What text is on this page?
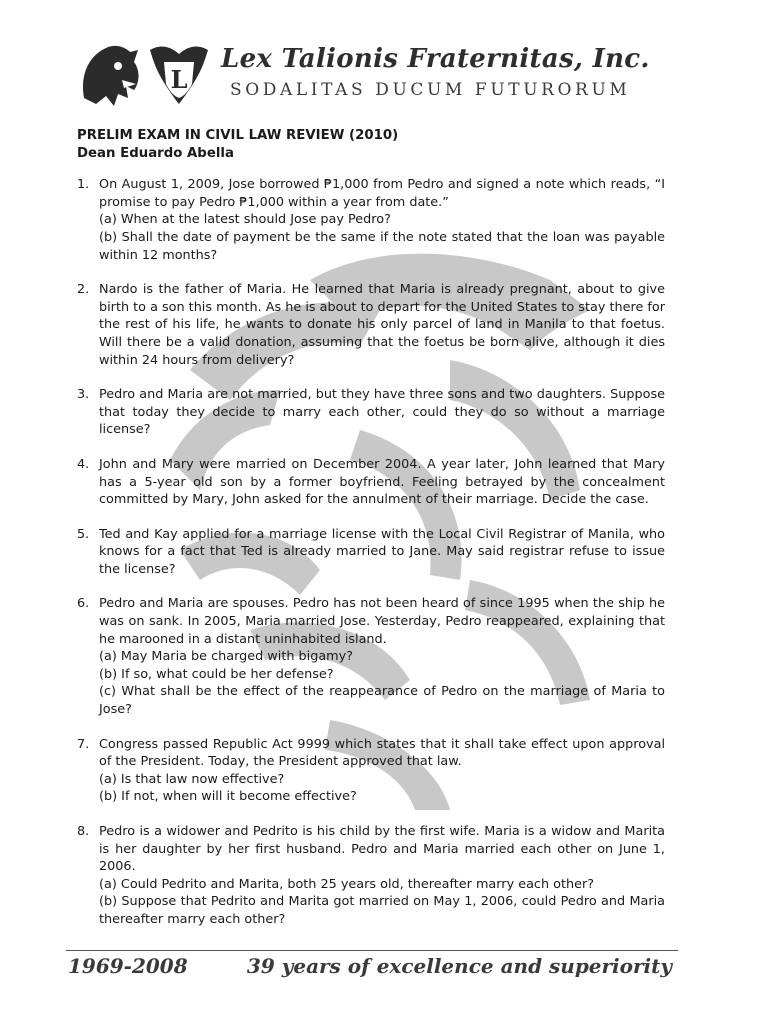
L
Lex Talionis Fraternitas, Inc.
SODALITAS DUCUM FUTURORUM
PRELIM EXAM IN CIVIL LAW REVIEW (2010)
Dean Eduardo Abella
1. On August 1, 2009, Jose borrowed ₱1,000 from Pedro and signed a note which reads, “I promise to pay Pedro ₱1,000 within a year from date.”
(a) When at the latest should Jose pay Pedro?
(b) Shall the date of payment be the same if the note stated that the loan was payable within 12 months?
2. Nardo is the father of Maria. He learned that Maria is already pregnant, about to give birth to a son this month. As he is about to depart for the United States to stay there for the rest of his life, he wants to donate his only parcel of land in Manila to that foetus. Will there be a valid donation, assuming that the foetus be born alive, although it dies within 24 hours from delivery?
3. Pedro and Maria are not married, but they have three sons and two daughters. Suppose that today they decide to marry each other, could they do so without a marriage license?
4. John and Mary were married on December 2004. A year later, John learned that Mary has a 5-year old son by a former boyfriend. Feeling betrayed by the concealment committed by Mary, John asked for the annulment of their marriage. Decide the case.
5. Ted and Kay applied for a marriage license with the Local Civil Registrar of Manila, who knows for a fact that Ted is already married to Jane. May said registrar refuse to issue the license?
6. Pedro and Maria are spouses. Pedro has not been heard of since 1995 when the ship he was on sank. In 2005, Maria married Jose. Yesterday, Pedro reappeared, explaining that he marooned in a distant uninhabited island.
(a) May Maria be charged with bigamy?
(b) If so, what could be her defense?
(c) What shall be the effect of the reappearance of Pedro on the marriage of Maria to Jose?
7. Congress passed Republic Act 9999 which states that it shall take effect upon approval of the President. Today, the President approved that law.
(a) Is that law now effective?
(b) If not, when will it become effective?
8. Pedro is a widower and Pedrito is his child by the first wife. Maria is a widow and Marita is her daughter by her first husband. Pedro and Maria married each other on June 1, 2006.
(a) Could Pedrito and Marita, both 25 years old, thereafter marry each other?
(b) Suppose that Pedrito and Marita got married on May 1, 2006, could Pedro and Maria thereafter marry each other?
1969-2008	39 years of excellence and superiority
